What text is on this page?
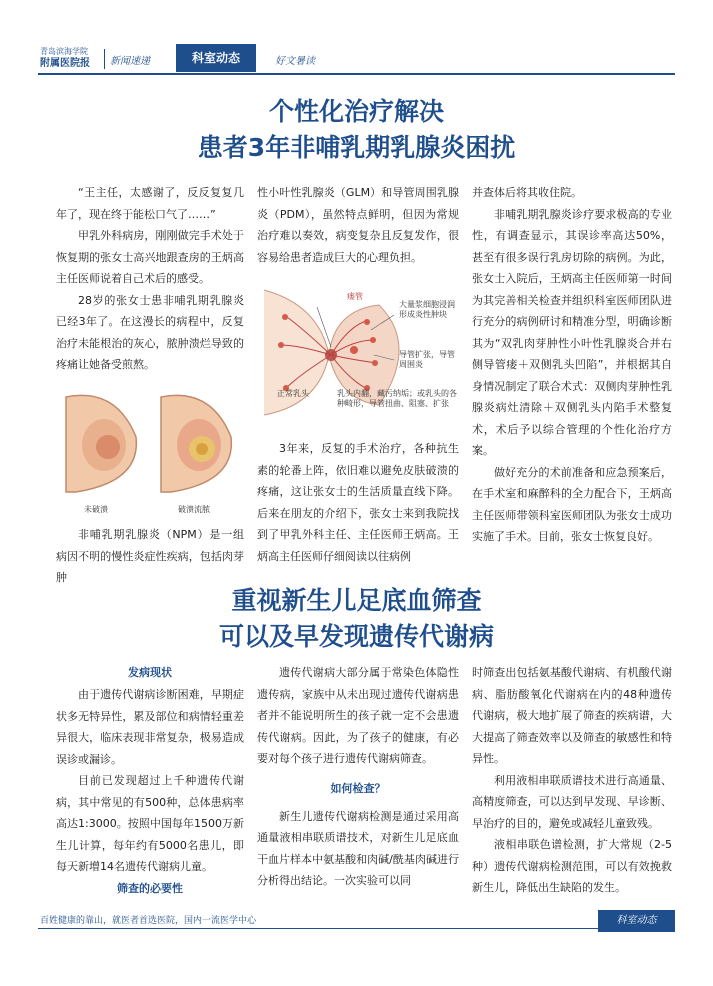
青岛滨海学院
附属医院报	新闻速递	科室动态	好文暑读
个性化治疗解决
患者3年非哺乳期乳腺炎困扰

“王主任，太感谢了，反反复复几年了，现在终于能松口气了……”

甲乳外科病房，刚刚做完手术处于恢复期的张女士高兴地跟查房的王炳高主任医师说着自己术后的感受。

28岁的张女士患非哺乳期乳腺炎已经3年了。在这漫长的病程中，反复治疗未能根治的灰心，脓肿溃烂导致的疼痛让她备受煎熬。

未破溃	破溃流脓

非哺乳期乳腺炎（NPM）是一组病因不明的慢性炎症性疾病，包括肉芽肿

性小叶性乳腺炎（GLM）和导管周围乳腺炎（PDM），虽然特点鲜明，但因为常规治疗难以奏效，病变复杂且反复发作，很容易给患者造成巨大的心理负担。

瘘管
大量浆细胞浸润形成炎性肿块
导管扩张，导管周围炎
正常乳头	乳头内翻，藏污纳垢；或乳头的各种畸形，导管扭曲、阻塞、扩张

3年来，反复的手术治疗，各种抗生素的轮番上阵，依旧难以避免皮肤破溃的疼痛，这让张女士的生活质量直线下降。后来在朋友的介绍下，张女士来到我院找到了甲乳外科主任、主任医师王炳高。王炳高主任医师仔细阅读以往病例

并查体后将其收住院。

非哺乳期乳腺炎诊疗要求极高的专业性，有调查显示，其误诊率高达50%，甚至有很多误行乳房切除的病例。为此，张女士入院后，王炳高主任医师第一时间为其完善相关检查并组织科室医师团队进行充分的病例研讨和精准分型，明确诊断其为“双乳肉芽肿性小叶性乳腺炎合并右侧导管瘘＋双侧乳头凹陷”，并根据其自身情况制定了联合术式：双侧肉芽肿性乳腺炎病灶清除＋双侧乳头内陷手术整复术，术后予以综合管理的个性化治疗方案。

做好充分的术前准备和应急预案后，在手术室和麻醉科的全力配合下，王炳高主任医师带领科室医师团队为张女士成功实施了手术。目前，张女士恢复良好。

重视新生儿足底血筛查
可以及早发现遗传代谢病
发病现状

由于遗传代谢病诊断困难，早期症状多无特异性，累及部位和病情轻重差异很大，临床表现非常复杂，极易造成误诊或漏诊。

目前已发现超过上千种遗传代谢病，其中常见的有500种，总体患病率高达1:3000。按照中国每年1500万新生儿计算，每年约有5000名患儿，即每天新增14名遗传代谢病儿童。

筛查的必要性

遗传代谢病大部分属于常染色体隐性遗传病，家族中从未出现过遗传代谢病患者并不能说明所生的孩子就一定不会患遗传代谢病。因此，为了孩子的健康，有必要对每个孩子进行遗传代谢病筛查。

如何检查？

新生儿遗传代谢病检测是通过采用高通量液相串联质谱技术，对新生儿足底血干血片样本中氨基酸和肉碱/酰基肉碱进行分析得出结论。一次实验可以同

时筛查出包括氨基酸代谢病、有机酸代谢病、脂肪酸氧化代谢病在内的48种遗传代谢病，极大地扩展了筛查的疾病谱，大大提高了筛查效率以及筛查的敏感性和特异性。

利用液相串联质谱技术进行高通量、高精度筛查，可以达到早发现、早诊断、早治疗的目的，避免或减轻儿童致残。

液相串联色谱检测，扩大常规（2-5种）遗传代谢病检测范围，可以有效挽救新生儿，降低出生缺陷的发生。

百姓健康的靠山，就医者首选医院，国内一流医学中心	科室动态
